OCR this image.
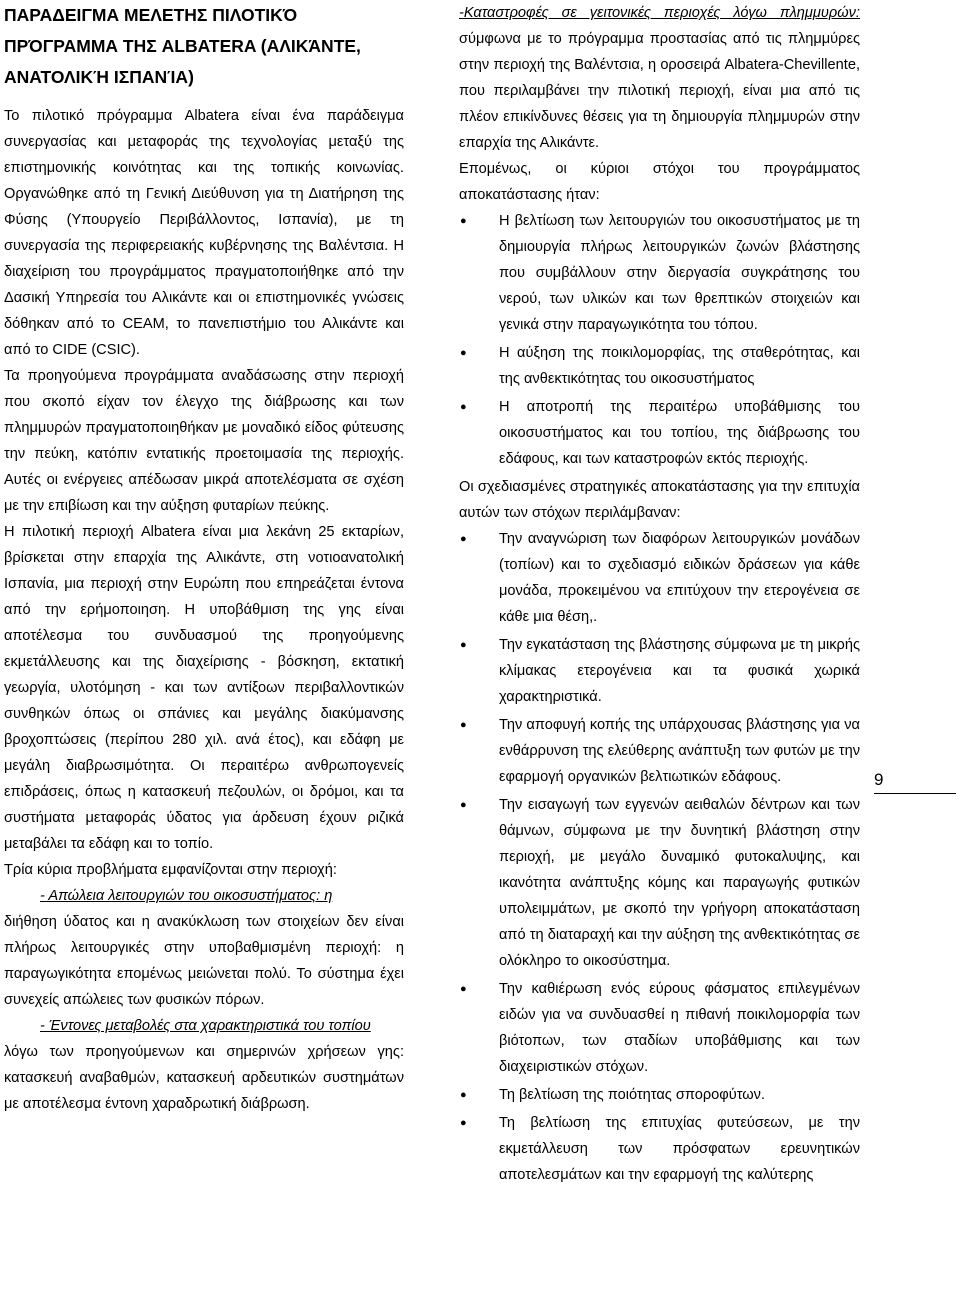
ΠΑΡΑΔΕΙΓΜΑ ΜΕΛΕΤΗΣ ΠΙΛΟΤΙΚΌ
ΠΡΌΓΡΑΜΜΑ ΤΗΣ ALBATERA (ΑΛΙΚΆΝΤΕ, ΑΝΑΤΟΛΙΚΉ ΙΣΠΑΝΊΑ)

Το πιλοτικό πρόγραμμα Albatera είναι ένα παράδειγμα συνεργασίας και μεταφοράς της τεχνολογίας μεταξύ της επιστημονικής κοινότητας και της τοπικής κοινωνίας. Οργανώθηκε από τη Γενική Διεύθυνση για τη Διατήρηση της Φύσης (Υπουργείο Περιβάλλοντος, Ισπανία), με τη συνεργασία της περιφερειακής κυβέρνησης της Βαλέντσια. Η διαχείριση του προγράμματος πραγματοποιήθηκε από την Δασική Υπηρεσία του Αλικάντε και οι επιστημονικές γνώσεις δόθηκαν από το CEAM, το πανεπιστήμιο του Αλικάντε και από το CIDE (CSIC).

Τα προηγούμενα προγράμματα αναδάσωσης στην περιοχή που σκοπό είχαν τον έλεγχο της διάβρωσης και των πλημμυρών πραγματοποιηθήκαν με μοναδικό είδος φύτευσης την πεύκη, κατόπιν εντατικής προετοιμασία της περιοχής. Αυτές οι ενέργειες απέδωσαν μικρά αποτελέσματα σε σχέση με την επιβίωση και την αύξηση φυταρίων πεύκης.

Η πιλοτική περιοχή Albatera είναι μια λεκάνη 25 εκταρίων, βρίσκεται στην επαρχία της Αλικάντε, στη νοτιοανατολική Ισπανία, μια περιοχή στην Ευρώπη που επηρεάζεται έντονα από την ερήμοποιηση. Η υποβάθμιση της γης είναι αποτέλεσμα του συνδυασμού της προηγούμενης εκμετάλλευσης και της διαχείρισης - βόσκηση, εκτατική γεωργία, υλοτόμηση - και των αντίξοων περιβαλλοντικών συνθηκών όπως οι σπάνιες και μεγάλης διακύμανσης βροχοπτώσεις (περίπου 280 χιλ. ανά έτος), και εδάφη με μεγάλη διαβρωσιμότητα. Οι περαιτέρω ανθρωπογενείς επιδράσεις, όπως η κατασκευή πεζουλών, οι δρόμοι, και τα συστήματα μεταφοράς ύδατος για άρδευση έχουν ριζικά μεταβάλει τα εδάφη και το τοπίο.

Τρία κύρια προβλήματα εμφανίζονται στην περιοχή:

- Απώλεια λειτουργιών του οικοσυστήματος: η

διήθηση ύδατος και η ανακύκλωση των στοιχείων δεν είναι πλήρως λειτουργικές στην υποβαθμισμένη περιοχή: η παραγωγικότητα επομένως μειώνεται πολύ. Το σύστημα έχει συνεχείς απώλειες των φυσικών πόρων.

- Έντονες μεταβολές στα χαρακτηριστικά του τοπίου

λόγω των προηγούμενων και σημερινών χρήσεων γης: κατασκευή αναβαθμών, κατασκευή αρδευτικών συστημάτων με αποτέλεσμα έντονη χαραδρωτική διάβρωση.

-Καταστροφές σε γειτονικές περιοχές λόγω πλημμυρών: σύμφωνα με το πρόγραμμα προστασίας από τις πλημμύρες στην περιοχή της Βαλέντσια, η οροσειρά Albatera-Chevillente, που περιλαμβάνει την πιλοτική περιοχή, είναι μια από τις πλέον επικίνδυνες θέσεις για τη δημιουργία πλημμυρών στην επαρχία της Αλικάντε.

Επομένως, οι κύριοι στόχοι του προγράμματος αποκατάστασης ήταν:

● Η βελτίωση των λειτουργιών του οικοσυστήματος με τη δημιουργία πλήρως λειτουργικών ζωνών βλάστησης που συμβάλλουν στην διεργασία συγκράτησης του νερού, των υλικών και των θρεπτικών στοιχειών και γενικά στην παραγωγικότητα του τόπου.
● Η αύξηση της ποικιλομορφίας, της σταθερότητας, και της ανθεκτικότητας του οικοσυστήματος
● Η αποτροπή της περαιτέρω υποβάθμισης του οικοσυστήματος και του τοπίου, της διάβρωσης του εδάφους, και των καταστροφών εκτός περιοχής.

Οι σχεδιασμένες στρατηγικές αποκατάστασης για την επιτυχία αυτών των στόχων περιλάμβαναν:

● Την αναγνώριση των διαφόρων λειτουργικών μονάδων (τοπίων) και το σχεδιασμό ειδικών δράσεων για κάθε μονάδα, προκειμένου να επιτύχουν την ετερογένεια σε κάθε μια θέση,.
● Την εγκατάσταση της βλάστησης σύμφωνα με τη μικρής κλίμακας ετερογένεια και τα φυσικά χωρικά χαρακτηριστικά.
● Την αποφυγή κοπής της υπάρχουσας βλάστησης για να ενθάρρυνση της ελεύθερης ανάπτυξη των φυτών με την εφαρμογή οργανικών βελτιωτικών εδάφους.
● Την εισαγωγή των εγγενών αειθαλών δέντρων και των θάμνων, σύμφωνα με την δυνητική βλάστηση στην περιοχή, με μεγάλο δυναμικό φυτοκαλυψης, και ικανότητα ανάπτυξης κόμης και παραγωγής φυτικών υπολειμμάτων, με σκοπό την γρήγορη αποκατάσταση από τη διαταραχή και την αύξηση της ανθεκτικότητας σε ολόκληρο το οικοσύστημα.
● Την καθιέρωση ενός εύρους φάσματος επιλεγμένων ειδών για να συνδυασθεί η πιθανή ποικιλομορφία των βιότοπων, των σταδίων υποβάθμισης και των διαχειριστικών στόχων.
● Τη βελτίωση της ποιότητας σποροφύτων.
● Τη βελτίωση της επιτυχίας φυτεύσεων, με την εκμετάλλευση των πρόσφατων ερευνητικών αποτελεσμάτων και την εφαρμογή της καλύτερης
9
